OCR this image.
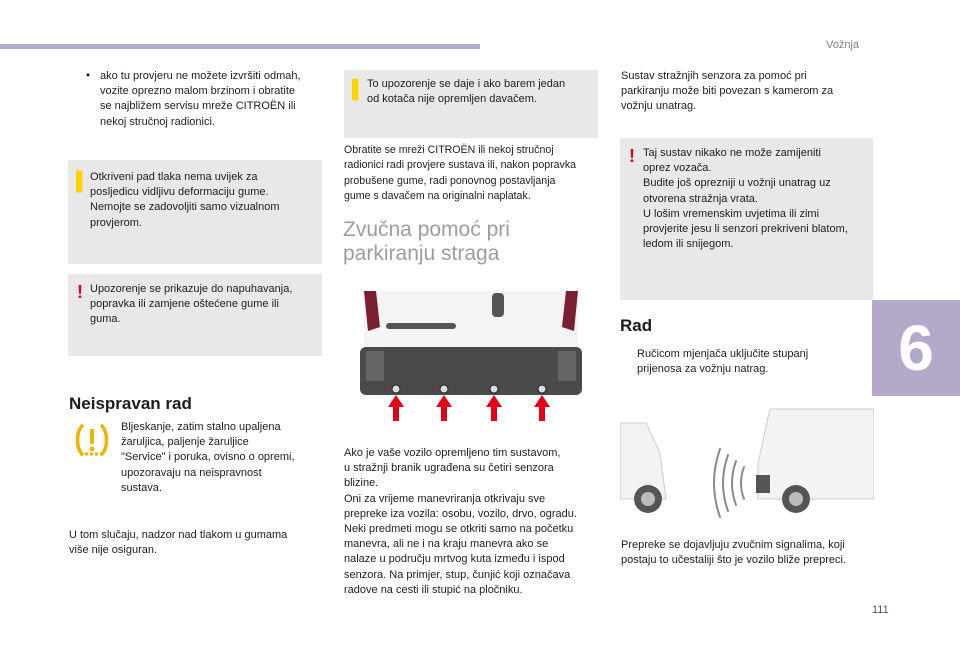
Vožnja
6
111
• ako tu provjeru ne možete izvršiti odmah,
vozite oprezno malom brzinom i obratite
se najbližem servisu mreže CITROËN ili
nekoj stručnoj radionici.
▌ Otkriveni pad tlaka nema uvijek za
posljedicu vidljivu deformaciju gume.
Nemojte se zadovoljiti samo vizualnom
provjerom.
! Upozorenje se prikazuje do napuhavanja,
popravka ili zamjene oštećene gume ili
guma.
Neispravan rad
Bljeskanje, zatim stalno upaljena
žaruljica, paljenje žaruljice
"Service" i poruka, ovisno o opremi,
upozoravaju na neispravnost
sustava.
U tom slučaju, nadzor nad tlakom u gumama
više nije osiguran.
▌ To upozorenje se daje i ako barem jedan
od kotača nije opremljen davačem.
Obratite se mreži CITROËN ili nekoj stručnoj
radionici radi provjere sustava ili, nakon popravka
probušene gume, radi ponovnog postavljanja
gume s davačem na originalni naplatak.
Zvučna pomoć pri
parkiranju straga
Ako je vaše vozilo opremljeno tim sustavom,
u stražnji branik ugrađena su četiri senzora
blizine.
Oni za vrijeme manevriranja otkrivaju sve
prepreke iza vozila: osobu, vozilo, drvo, ogradu.
Neki predmeti mogu se otkriti samo na početku
manevra, ali ne i na kraju manevra ako se
nalaze u području mrtvog kuta između i ispod
senzora. Na primjer, stup, čunjić koji označava
radove na cesti ili stupić na pločniku.
Sustav stražnjih senzora za pomoć pri
parkiranju može biti povezan s kamerom za
vožnju unatrag.
! Taj sustav nikako ne može zamijeniti
oprez vozača.
Budite još oprezniji u vožnji unatrag uz
otvorena stražnja vrata.
U lošim vremenskim uvjetima ili zimi
provjerite jesu li senzori prekriveni blatom,
ledom ili snijegom.
Rad
Ručicom mjenjača uključite stupanj
prijenosa za vožnju natrag.
Prepreke se dojavljuju zvučnim signalima, koji
postaju to učestaliji što je vozilo bliže prepreci.
